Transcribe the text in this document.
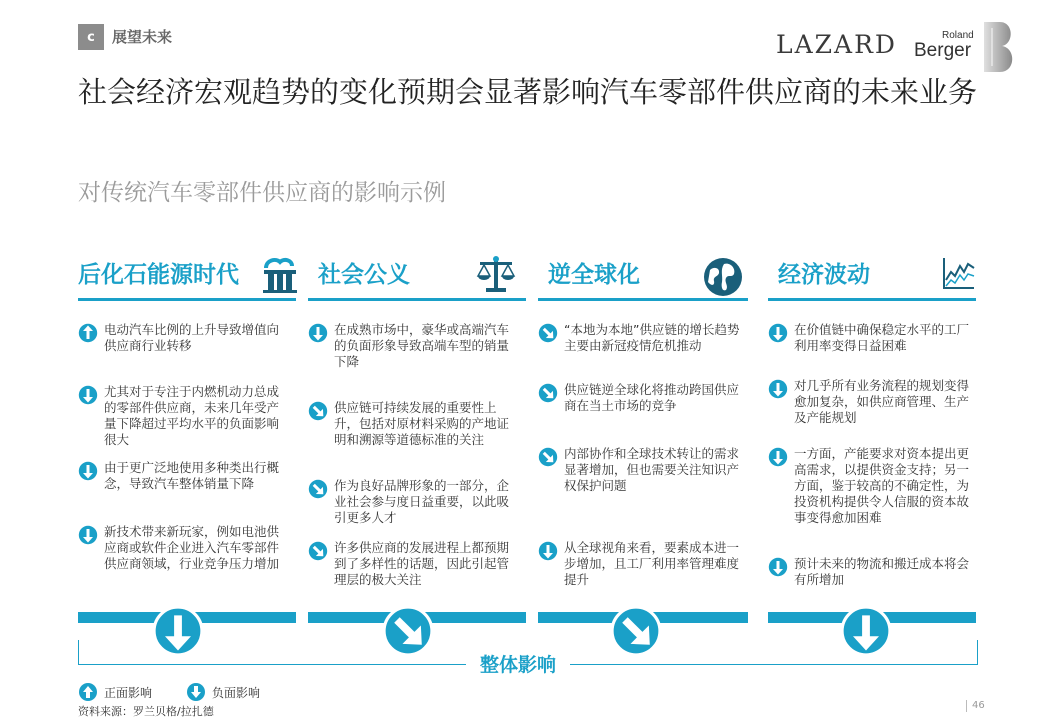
c	展望未来	LAZARD	Roland
Berger
社会经济宏观趋势的变化预期会显著影响汽车零部件供应商的未来业务
对传统汽车零部件供应商的影响示例
后化石能源时代	社会公义	逆全球化	经济波动
电动汽车比例的上升导致增值向供应商行业转移
尤其对于专注于内燃机动力总成的零部件供应商，未来几年受产量下降超过平均水平的负面影响很大
由于更广泛地使用多种类出行概念，导致汽车整体销量下降
新技术带来新玩家，例如电池供应商或软件企业进入汽车零部件供应商领域，行业竞争压力增加
在成熟市场中，豪华或高端汽车的负面形象导致高端车型的销量下降
供应链可持续发展的重要性上升，包括对原材料采购的产地证明和溯源等道德标准的关注
作为良好品牌形象的一部分，企业社会参与度日益重要，以此吸引更多人才
许多供应商的发展进程上都预期到了多样性的话题，因此引起管理层的极大关注
“本地为本地”供应链的增长趋势主要由新冠疫情危机推动
供应链逆全球化将推动跨国供应商在当土市场的竞争
内部协作和全球技术转让的需求显著增加，但也需要关注知识产权保护问题
从全球视角来看，要素成本进一步增加，且工厂利用率管理难度提升
在价值链中确保稳定水平的工厂利用率变得日益困难
对几乎所有业务流程的规划变得愈加复杂，如供应商管理、生产及产能规划
一方面，产能要求对资本提出更高需求，以提供资金支持；另一方面，鉴于较高的不确定性，为投资机构提供令人信服的资本故事变得愈加困难
预计未来的物流和搬迁成本将会有所增加
整体影响
正面影响	负面影响
资料来源：罗兰贝格/拉扎德	46
